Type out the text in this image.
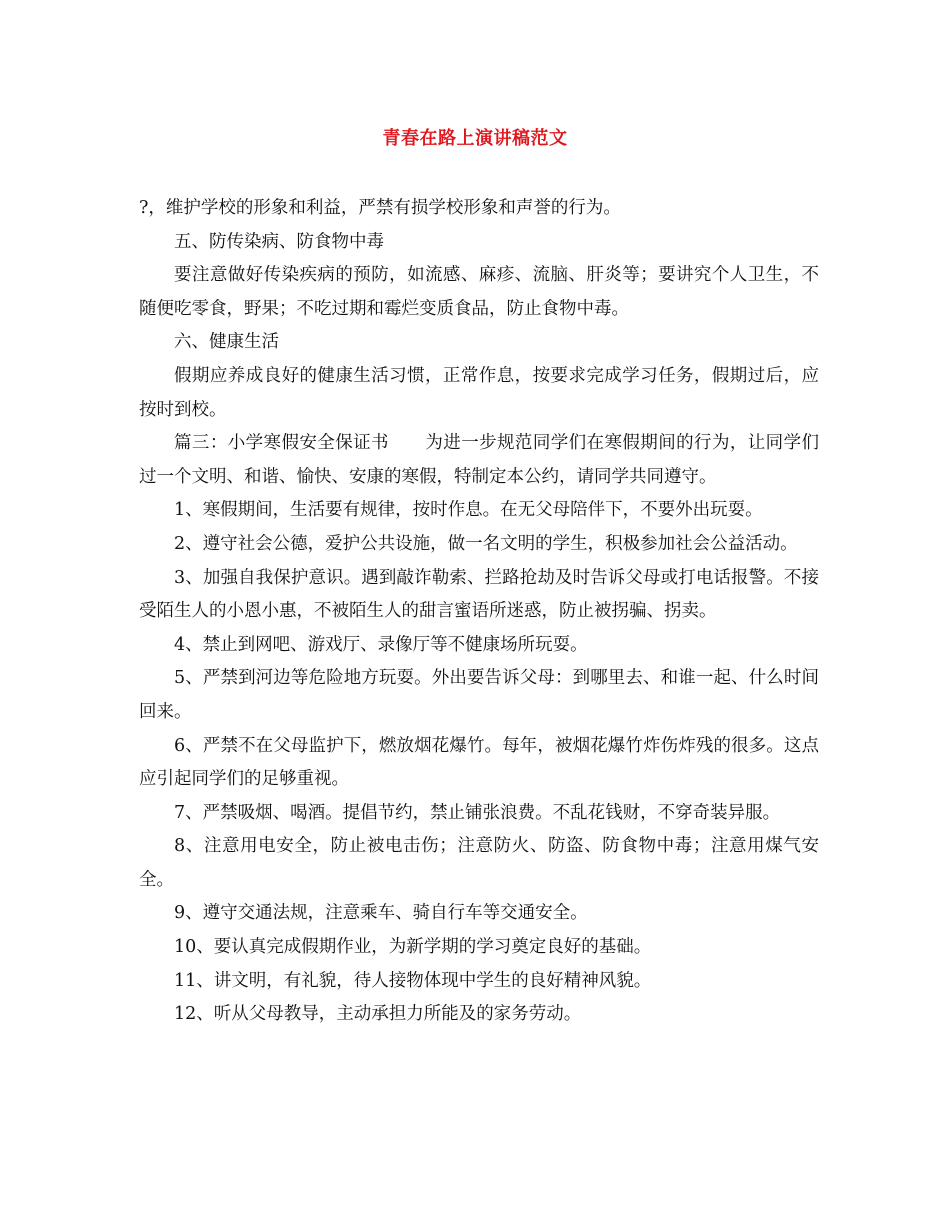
青春在路上演讲稿范文

?，维护学校的形象和利益，严禁有损学校形象和声誉的行为。

五、防传染病、防食物中毒

要注意做好传染疾病的预防，如流感、麻疹、流脑、肝炎等；要讲究个人卫生，不随便吃零食，野果；不吃过期和霉烂变质食品，防止食物中毒。

六、健康生活

假期应养成良好的健康生活习惯，正常作息，按要求完成学习任务，假期过后，应按时到校。

篇三：小学寒假安全保证书 为进一步规范同学们在寒假期间的行为，让同学们过一个文明、和谐、愉快、安康的寒假，特制定本公约，请同学共同遵守。

1、寒假期间，生活要有规律，按时作息。在无父母陪伴下，不要外出玩耍。

2、遵守社会公德，爱护公共设施，做一名文明的学生，积极参加社会公益活动。

3、加强自我保护意识。遇到敲诈勒索、拦路抢劫及时告诉父母或打电话报警。不接受陌生人的小恩小惠，不被陌生人的甜言蜜语所迷惑，防止被拐骗、拐卖。

4、禁止到网吧、游戏厅、录像厅等不健康场所玩耍。

5、严禁到河边等危险地方玩耍。外出要告诉父母：到哪里去、和谁一起、什么时间回来。

6、严禁不在父母监护下，燃放烟花爆竹。每年，被烟花爆竹炸伤炸残的很多。这点应引起同学们的足够重视。

7、严禁吸烟、喝酒。提倡节约，禁止铺张浪费。不乱花钱财，不穿奇装异服。

8、注意用电安全，防止被电击伤；注意防火、防盗、防食物中毒；注意用煤气安全。

9、遵守交通法规，注意乘车、骑自行车等交通安全。

10、要认真完成假期作业，为新学期的学习奠定良好的基础。

11、讲文明，有礼貌，待人接物体现中学生的良好精神风貌。

12、听从父母教导，主动承担力所能及的家务劳动。
